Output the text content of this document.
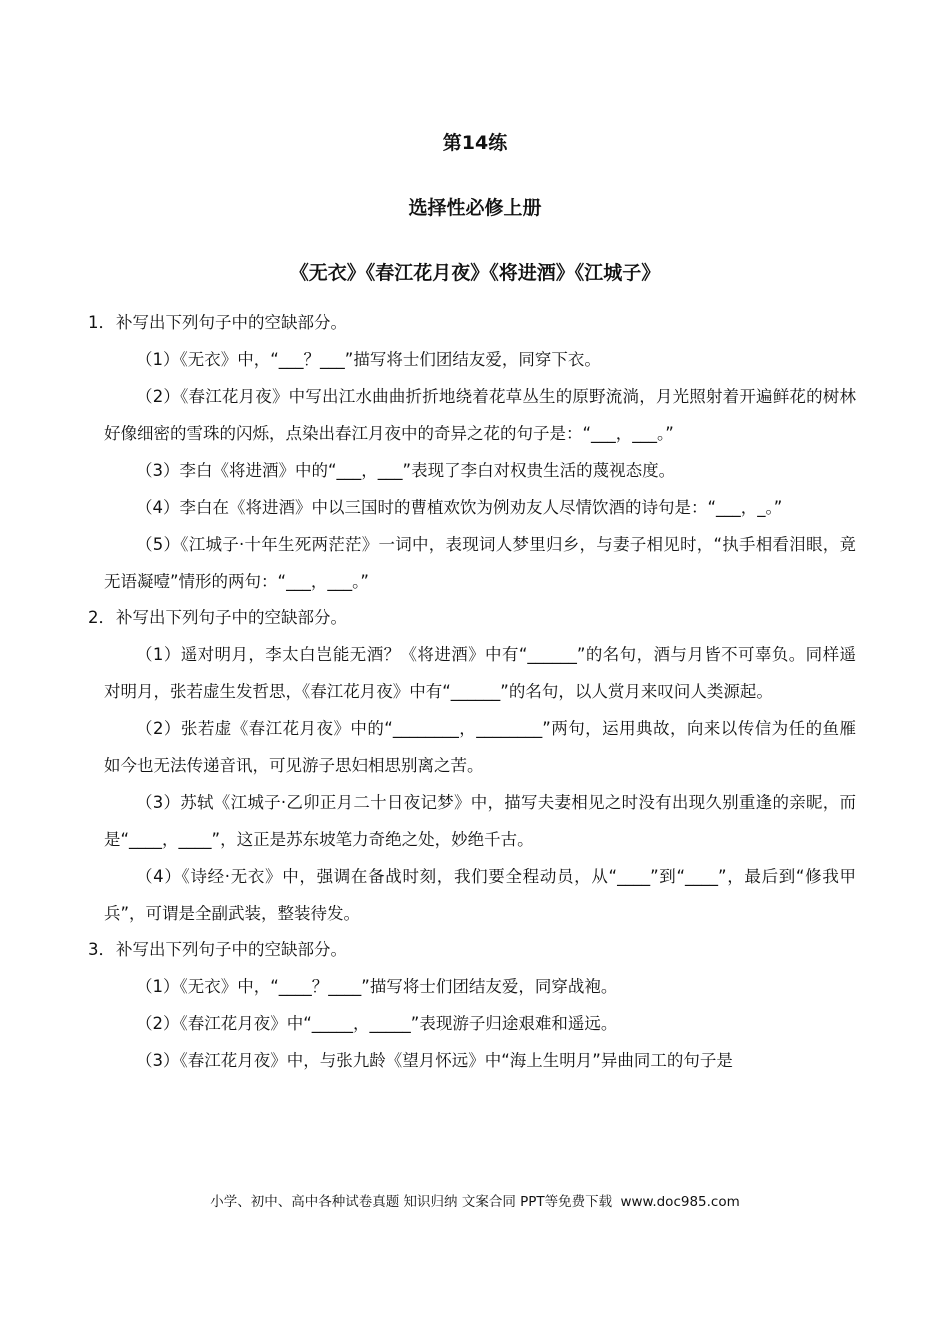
第14练
选择性必修上册
《无衣》《春江花月夜》《将进酒》《江城子》
1．补写出下列句子中的空缺部分。
（1）《无衣》中，“___？___”描写将士们团结友爱，同穿下衣。
（2）《春江花月夜》中写出江水曲曲折折地绕着花草丛生的原野流淌，月光照射着开遍鲜花的树林好像细密的雪珠的闪烁，点染出春江月夜中的奇异之花的句子是：“___，___。”
（3）李白《将进酒》中的“___，___”表现了李白对权贵生活的蔑视态度。
（4）李白在《将进酒》中以三国时的曹植欢饮为例劝友人尽情饮酒的诗句是：“___，_。”
（5）《江城子·十年生死两茫茫》一词中，表现词人梦里归乡，与妻子相见时，“执手相看泪眼，竟无语凝噎”情形的两句：“___，___。”
2．补写出下列句子中的空缺部分。
（1）遥对明月，李太白岂能无酒？《将进酒》中有“______”的名句，酒与月皆不可辜负。同样遥对明月，张若虚生发哲思，《春江花月夜》中有“______”的名句，以人赏月来叹问人类源起。
（2）张若虚《春江花月夜》中的“________，________”两句，运用典故，向来以传信为任的鱼雁如今也无法传递音讯，可见游子思妇相思别离之苦。
（3）苏轼《江城子·乙卯正月二十日夜记梦》中，描写夫妻相见之时没有出现久别重逢的亲昵，而是“____，____”，这正是苏东坡笔力奇绝之处，妙绝千古。
（4）《诗经·无衣》中，强调在备战时刻，我们要全程动员，从“____”到“____”，最后到“修我甲兵”，可谓是全副武装，整装待发。
3．补写出下列句子中的空缺部分。
（1）《无衣》中，“____？____”描写将士们团结友爱，同穿战袍。
（2）《春江花月夜》中“_____，_____”表现游子归途艰难和遥远。
（3）《春江花月夜》中，与张九龄《望月怀远》中“海上生明月”异曲同工的句子是
小学、初中、高中各种试卷真题 知识归纳 文案合同 PPT等免费下载 www.doc985.com
